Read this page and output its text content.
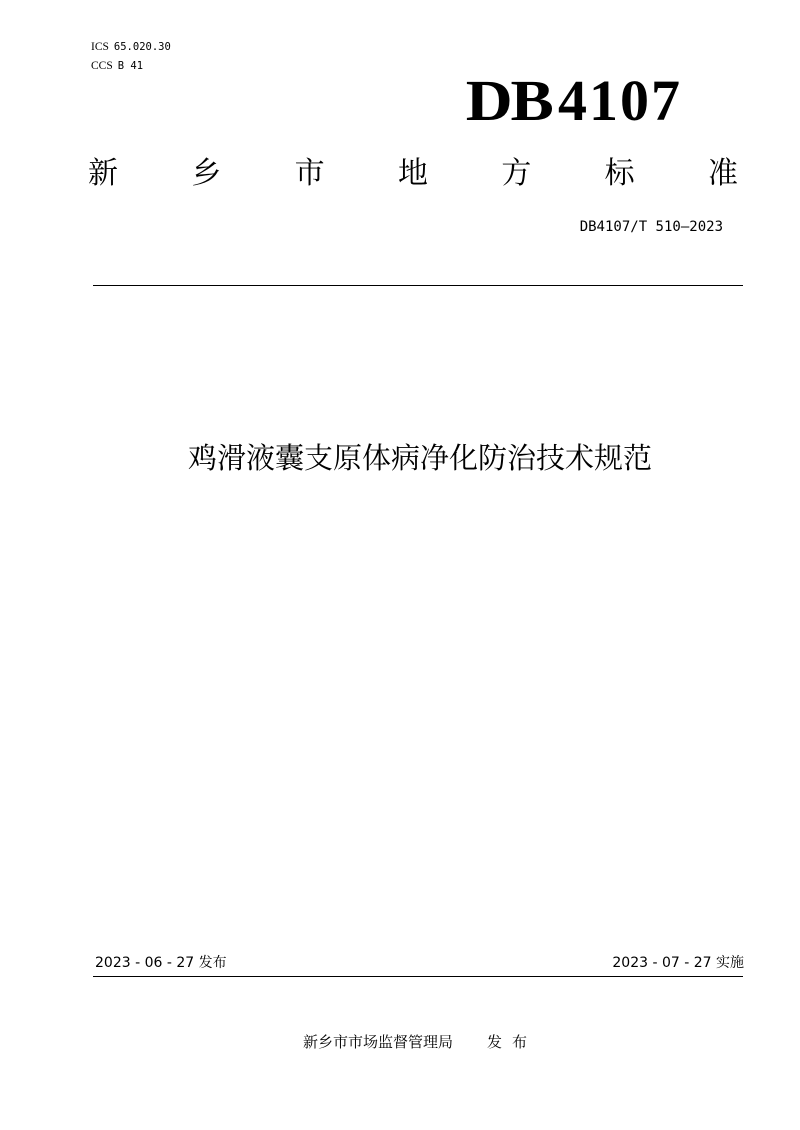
ICS 65.020.30
CCS B 41
DB 4107
新 乡 市 地 方 标 准
DB4107/T 510—2023
鸡滑液囊支原体病净化防治技术规范
2023 - 06 - 27 发布	2023 - 07 - 27 实施
新乡市市场监督管理局 发布
